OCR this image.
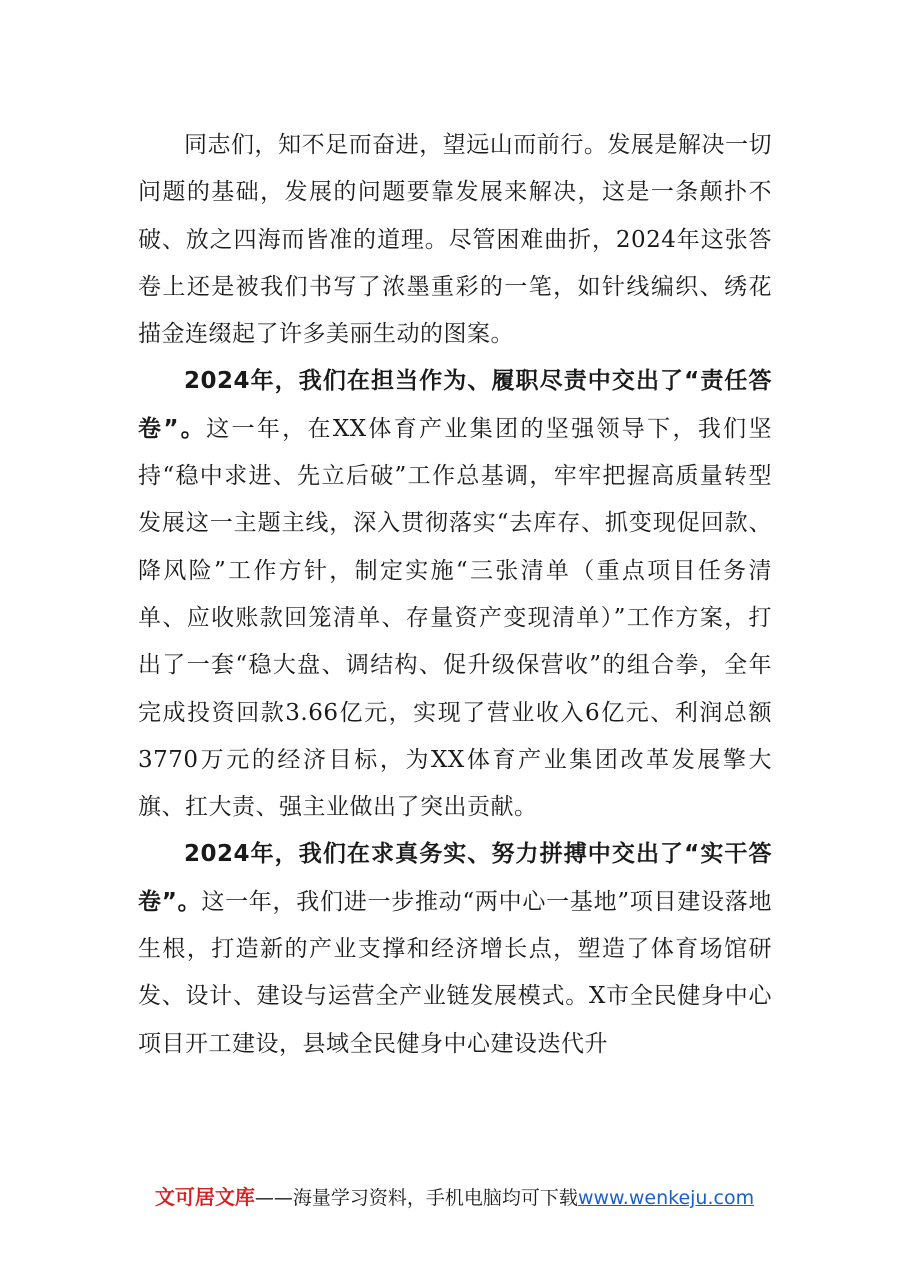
同志们，知不足而奋进，望远山而前行。发展是解决一切问题的基础，发展的问题要靠发展来解决，这是一条颠扑不破、放之四海而皆准的道理。尽管困难曲折，2024年这张答卷上还是被我们书写了浓墨重彩的一笔，如针线编织、绣花描金连缀起了许多美丽生动的图案。

2024年，我们在担当作为、履职尽责中交出了“责任答卷”。这一年，在XX体育产业集团的坚强领导下，我们坚持“稳中求进、先立后破”工作总基调，牢牢把握高质量转型发展这一主题主线，深入贯彻落实“去库存、抓变现促回款、降风险”工作方针，制定实施“三张清单（重点项目任务清单、应收账款回笼清单、存量资产变现清单）”工作方案，打出了一套“稳大盘、调结构、促升级保营收”的组合拳，全年完成投资回款3.66亿元，实现了营业收入6亿元、利润总额3770万元的经济目标，为XX体育产业集团改革发展擎大旗、扛大责、强主业做出了突出贡献。

2024年，我们在求真务实、努力拼搏中交出了“实干答卷”。这一年，我们进一步推动“两中心一基地”项目建设落地生根，打造新的产业支撑和经济增长点，塑造了体育场馆研发、设计、建设与运营全产业链发展模式。X市全民健身中心项目开工建设，县域全民健身中心建设迭代升

文可居文库——海量学习资料，手机电脑均可下载www.wenkeju.com
